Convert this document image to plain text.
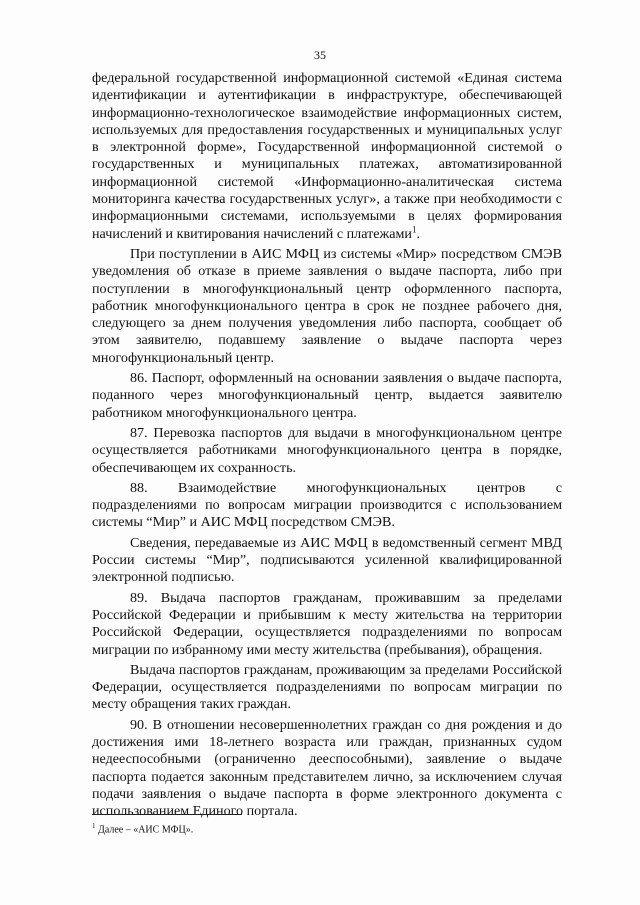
35

федеральной государственной информационной системой «Единая система идентификации и аутентификации в инфраструктуре, обеспечивающей информационно-технологическое взаимодействие информационных систем, используемых для предоставления государственных и муниципальных услуг в электронной форме», Государственной информационной системой о государственных и муниципальных платежах, автоматизированной информационной системой «Информационно-аналитическая система мониторинга качества государственных услуг», а также при необходимости с информационными системами, используемыми в целях формирования начислений и квитирования начислений с платежами$^1$.

При поступлении в АИС МФЦ из системы «Мир» посредством СМЭВ уведомления об отказе в приеме заявления о выдаче паспорта, либо при поступлении в многофункциональный центр оформленного паспорта, работник многофункционального центра в срок не позднее рабочего дня, следующего за днем получения уведомления либо паспорта, сообщает об этом заявителю, подавшему заявление о выдаче паспорта через многофункциональный центр.

86. Паспорт, оформленный на основании заявления о выдаче паспорта, поданного через многофункциональный центр, выдается заявителю работником многофункционального центра.

87. Перевозка паспортов для выдачи в многофункциональном центре осуществляется работниками многофункционального центра в порядке, обеспечивающем их сохранность.

88. Взаимодействие многофункциональных центров с подразделениями по вопросам миграции производится с использованием системы “Мир” и АИС МФЦ посредством СМЭВ.

Сведения, передаваемые из АИС МФЦ в ведомственный сегмент МВД России системы “Мир”, подписываются усиленной квалифицированной электронной подписью.

89. Выдача паспортов гражданам, проживавшим за пределами Российской Федерации и прибывшим к месту жительства на территории Российской Федерации, осуществляется подразделениями по вопросам миграции по избранному ими месту жительства (пребывания), обращения.

Выдача паспортов гражданам, проживающим за пределами Российской Федерации, осуществляется подразделениями по вопросам миграции по месту обращения таких граждан.

90. В отношении несовершеннолетних граждан со дня рождения и до достижения ими 18-летнего возраста или граждан, признанных судом недееспособными (ограниченно дееспособными), заявление о выдаче паспорта подается законным представителем лично, за исключением случая подачи заявления о выдаче паспорта в форме электронного документа с использованием Единого портала.

$^1$ Далее – «АИС МФЦ».
